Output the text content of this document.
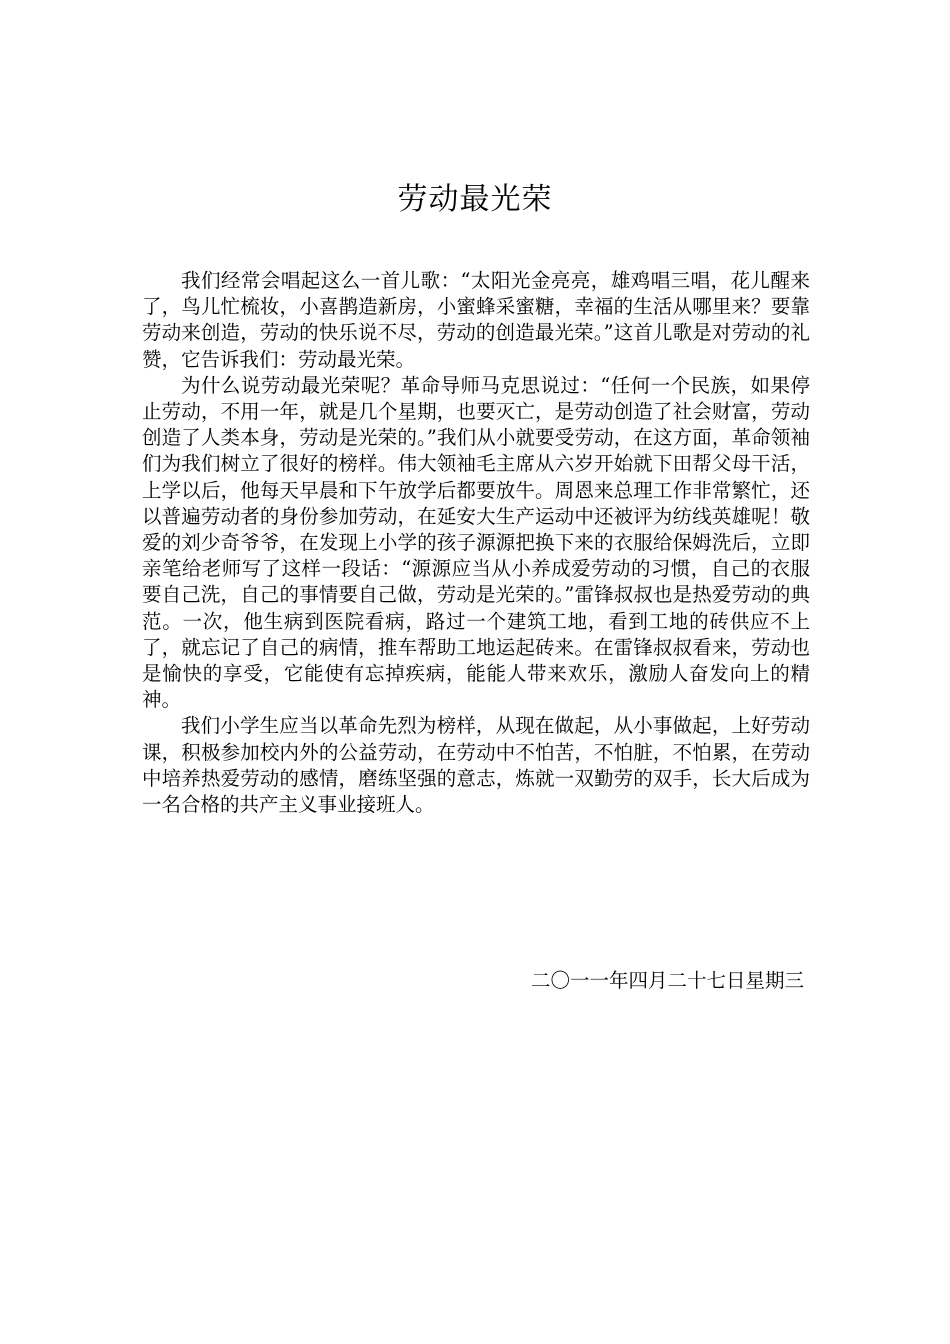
劳动最光荣

我们经常会唱起这么一首儿歌：“太阳光金亮亮，雄鸡唱三唱，花儿醒来了，鸟儿忙梳妆，小喜鹊造新房，小蜜蜂采蜜糖，幸福的生活从哪里来？要靠劳动来创造，劳动的快乐说不尽，劳动的创造最光荣。”这首儿歌是对劳动的礼赞，它告诉我们：劳动最光荣。

为什么说劳动最光荣呢？革命导师马克思说过：“任何一个民族，如果停止劳动，不用一年，就是几个星期，也要灭亡，是劳动创造了社会财富，劳动创造了人类本身，劳动是光荣的。”我们从小就要受劳动，在这方面，革命领袖们为我们树立了很好的榜样。伟大领袖毛主席从六岁开始就下田帮父母干活，上学以后，他每天早晨和下午放学后都要放牛。周恩来总理工作非常繁忙，还以普遍劳动者的身份参加劳动，在延安大生产运动中还被评为纺线英雄呢！敬爱的刘少奇爷爷，在发现上小学的孩子源源把换下来的衣服给保姆洗后，立即亲笔给老师写了这样一段话：“源源应当从小养成爱劳动的习惯，自己的衣服要自己洗，自己的事情要自己做，劳动是光荣的。”雷锋叔叔也是热爱劳动的典范。一次，他生病到医院看病，路过一个建筑工地，看到工地的砖供应不上了，就忘记了自己的病情，推车帮助工地运起砖来。在雷锋叔叔看来，劳动也是愉快的享受，它能使有忘掉疾病，能能人带来欢乐，激励人奋发向上的精神。

我们小学生应当以革命先烈为榜样，从现在做起，从小事做起，上好劳动课，积极参加校内外的公益劳动，在劳动中不怕苦，不怕脏，不怕累，在劳动中培养热爱劳动的感情，磨练坚强的意志，炼就一双勤劳的双手，长大后成为一名合格的共产主义事业接班人。

二〇一一年四月二十七日星期三
